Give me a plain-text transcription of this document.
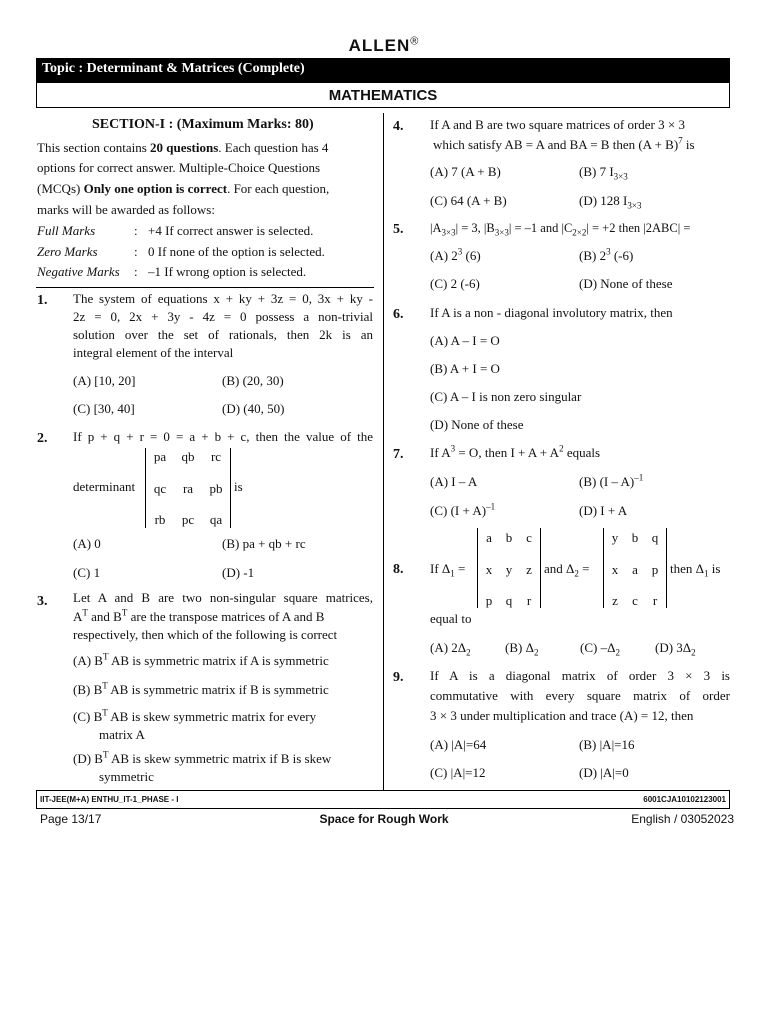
ALLEN®
Topic : Determinant & Matrices (Complete)
MATHEMATICS
SECTION-I : (Maximum Marks: 80)
This section contains 20 questions. Each question has 4
options for correct answer. Multiple-Choice Questions
(MCQs) Only one option is correct. For each question,
marks will be awarded as follows:
Full Marks	: +4 If correct answer is selected.
Zero Marks	: 0 If none of the option is selected.
Negative Marks : –1 If wrong option is selected.
1. The system of equations x + ky + 3z = 0, 3x + ky -
2z = 0, 2x + 3y - 4z = 0 possess a non-trivial
solution over the set of rationals, then 2k is an
integral element of the interval
(A) [10, 20]	(B) (20, 30)
(C) [30, 40]	(D) (40, 50)
2. If p + q + r = 0 = a + b + c, then the value of the
determinant
pa	qb	rc
qc	ra	pb
rb	pc	qa
is
(A) 0	(B) pa + qb + rc
(C) 1	(D) -1
3. Let A and B are two non-singular square matrices,
$A^T$ and $B^T$ are the transpose matrices of A and B
respectively, then which of the following is correct
(A) $B^T$ AB is symmetric matrix if A is symmetric
(B) $B^T$ AB is symmetric matrix if B is symmetric
(C) $B^T$ AB is skew symmetric matrix for every
matrix A
(D) $B^T$ AB is skew symmetric matrix if B is skew
symmetric
4. If A and B are two square matrices of order 3 × 3
which satisfy AB = A and BA = B then $(A + B)^7$ is
(A) 7 (A + B)	(B) 7 $I_{3\times 3}$
(C) 64 (A + B)	(D) 128 $I_{3\times 3}$
5. $|A_{3\times 3}| = 3$, $|B_{3\times 3}| = -1$ and $|C_{2\times 2}| = +2$ then |2ABC| =
(A) $2^3$ (6)	(B) $2^3$ (-6)
(C) 2 (-6)	(D) None of these
6. If A is a non - diagonal involutory matrix, then
(A) A – I = O
(B) A + I = O
(C) A – I is non zero singular
(D) None of these
7. If $A^3 = O$, then $I + A + A^2$ equals
(A) I – A	(B) (I – A)$^{-1}$
(C) $(I + A)^{-1}$	(D) I + A
8. If $\Delta_1$ =
a	b	c
x	y	z
p	q	r
and $\Delta_2$ =
y	b	q
x	a	p
z	c	r
then $\Delta_1$ is
equal to
(A) $2\Delta_2$	(B) $\Delta_2$	(C) $-\Delta_2$	(D) $3\Delta_2$
9. If A is a diagonal matrix of order 3 × 3 is
commutative with every square matrix of order
3 × 3 under multiplication and trace (A) = 12, then
(A) |A|=64	(B) |A|=16
(C) |A|=12	(D) |A|=0
IIT-JEE(M+A) ENTHU_IT-1_PHASE - I	6001CJA10102123001
Page 13/17	Space for Rough Work	English / 03052023
